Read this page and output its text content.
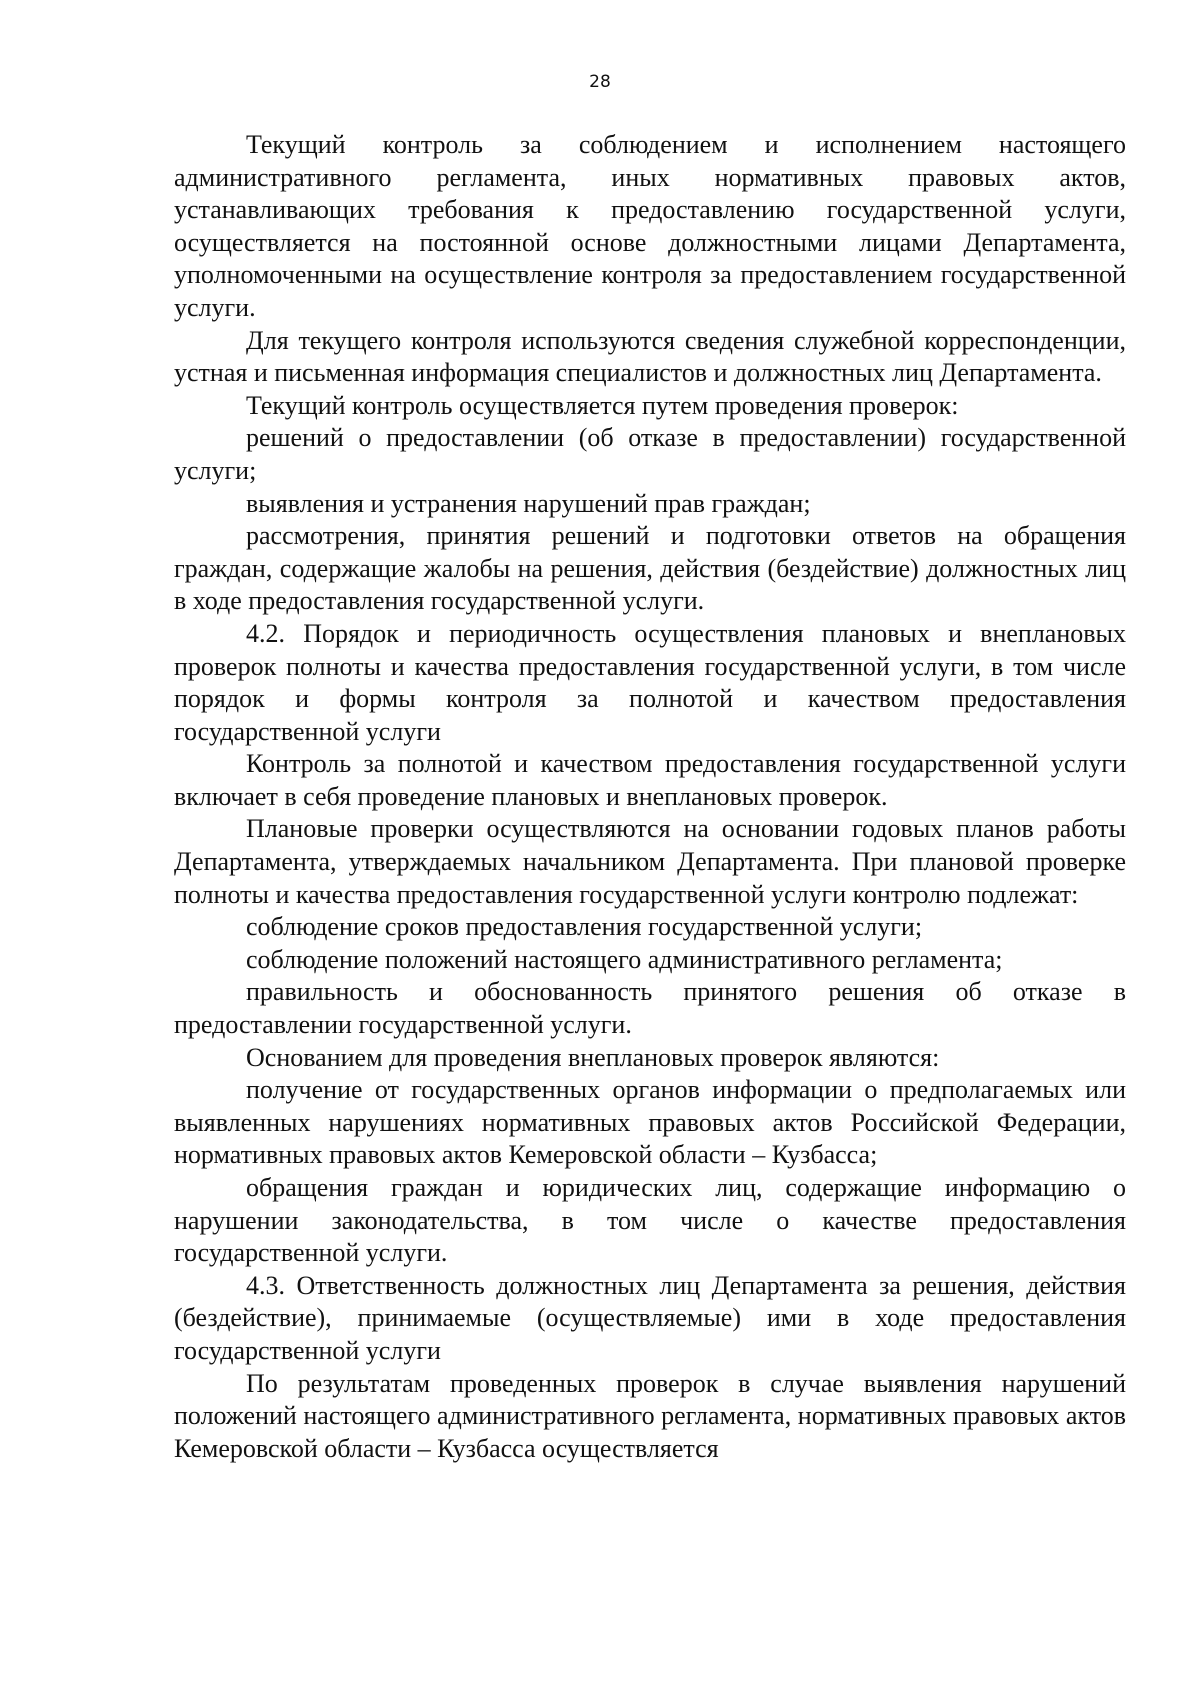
28

Текущий контроль за соблюдением и исполнением настоящего административного регламента, иных нормативных правовых актов, устанавливающих требования к предоставлению государственной услуги, осуществляется на постоянной основе должностными лицами Департамента, уполномоченными на осуществление контроля за предоставлением государственной услуги.

Для текущего контроля используются сведения служебной корреспонденции, устная и письменная информация специалистов и должностных лиц Департамента.

Текущий контроль осуществляется путем проведения проверок:

решений о предоставлении (об отказе в предоставлении) государственной услуги;

выявления и устранения нарушений прав граждан;

рассмотрения, принятия решений и подготовки ответов на обращения граждан, содержащие жалобы на решения, действия (бездействие) должностных лиц в ходе предоставления государственной услуги.

4.2. Порядок и периодичность осуществления плановых и внеплановых проверок полноты и качества предоставления государственной услуги, в том числе порядок и формы контроля за полнотой и качеством предоставления государственной услуги

Контроль за полнотой и качеством предоставления государственной услуги включает в себя проведение плановых и внеплановых проверок.

Плановые проверки осуществляются на основании годовых планов работы Департамента, утверждаемых начальником Департамента. При плановой проверке полноты и качества предоставления государственной услуги контролю подлежат:

соблюдение сроков предоставления государственной услуги;

соблюдение положений настоящего административного регламента;

правильность и обоснованность принятого решения об отказе в предоставлении государственной услуги.

Основанием для проведения внеплановых проверок являются:

получение от государственных органов информации о предполагаемых или выявленных нарушениях нормативных правовых актов Российской Федерации, нормативных правовых актов Кемеровской области – Кузбасса;

обращения граждан и юридических лиц, содержащие информацию о нарушении законодательства, в том числе о качестве предоставления государственной услуги.

4.3. Ответственность должностных лиц Департамента за решения, действия (бездействие), принимаемые (осуществляемые) ими в ходе предоставления государственной услуги

По результатам проведенных проверок в случае выявления нарушений положений настоящего административного регламента, нормативных правовых актов Кемеровской области – Кузбасса осуществляется
